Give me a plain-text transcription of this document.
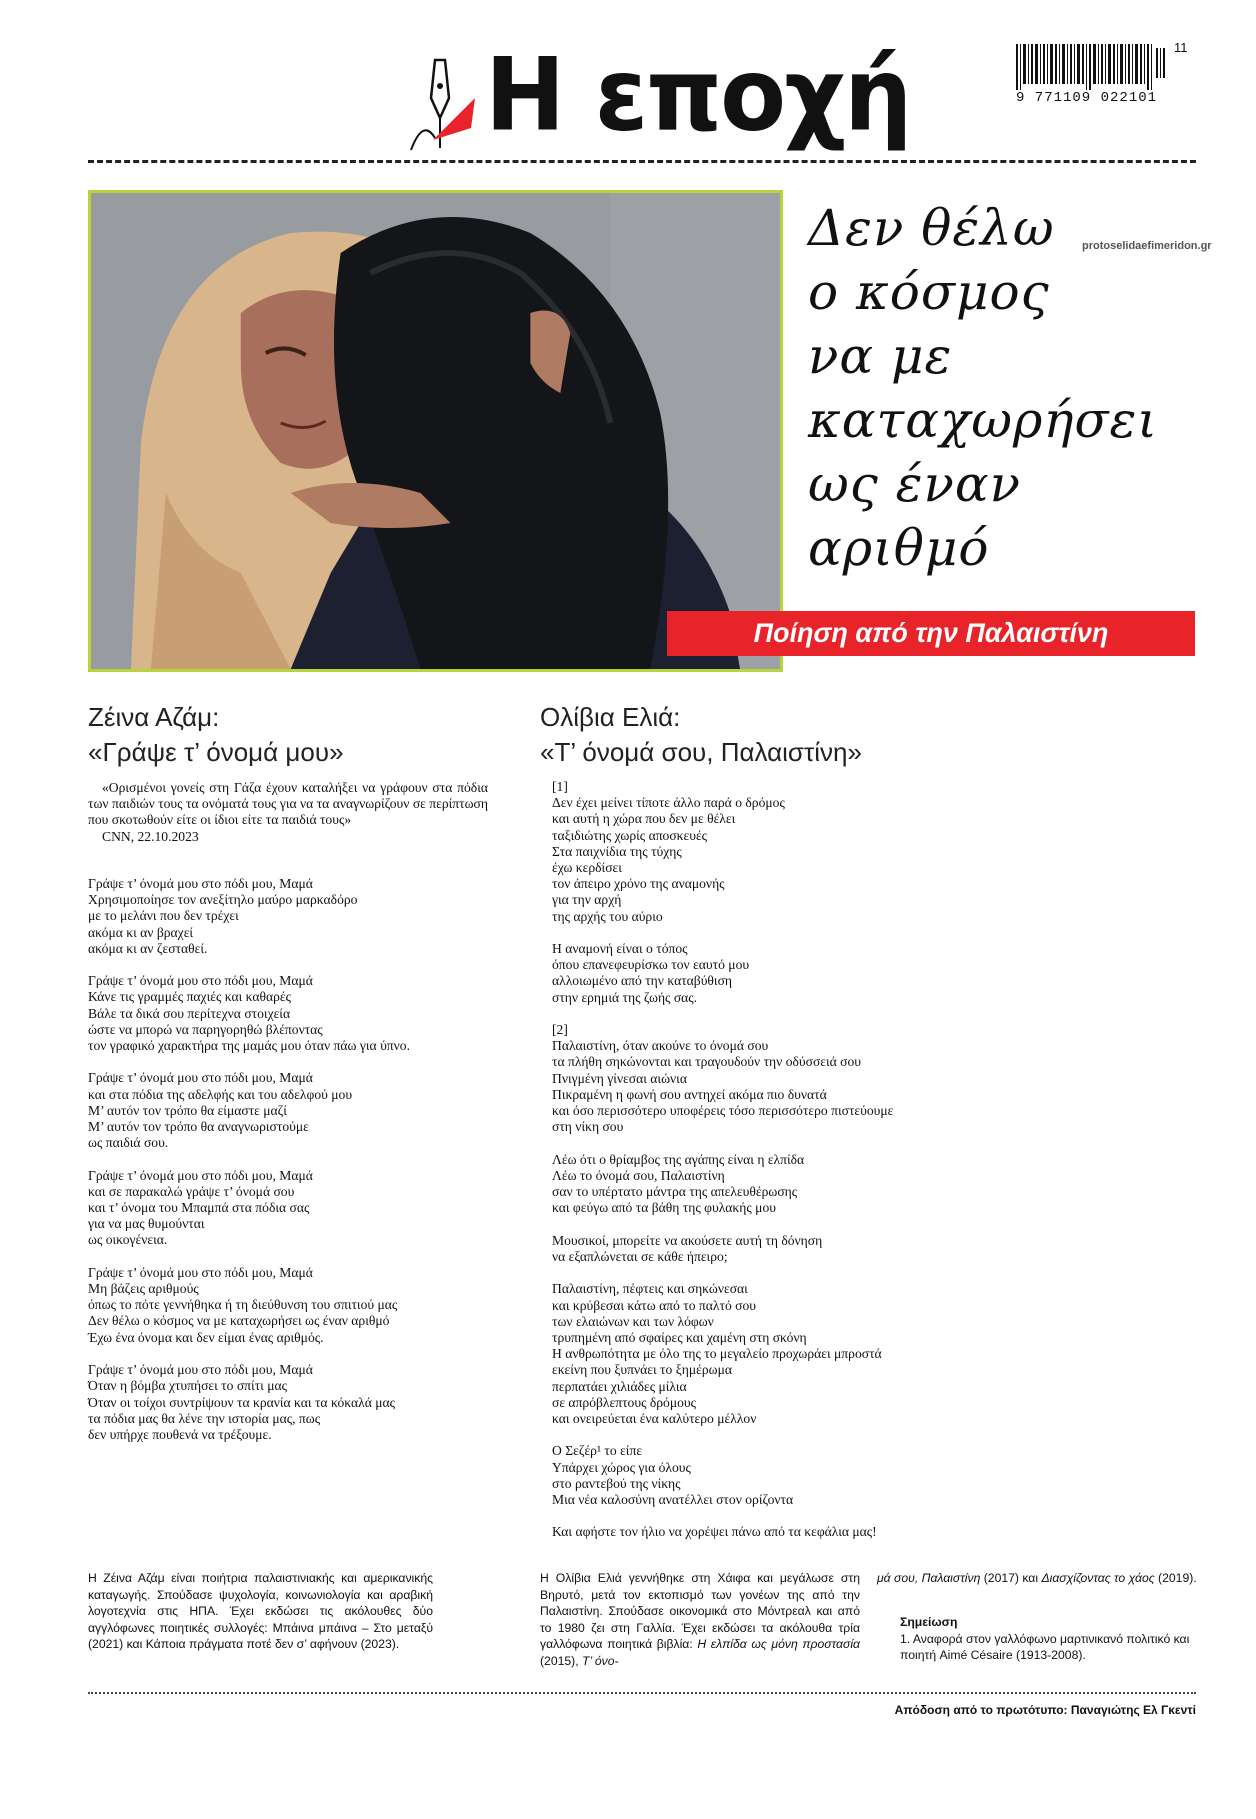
Η εποχή	11
9 771109 022101
Δεν θέλω
ο κόσμος
να με
καταχωρήσει
ως έναν
αριθμό
protoselidaefimeridon.gr
Ποίηση από την Παλαιστίνη
Ζέινα Αζάμ:
«Γράψε τ’ όνομά μου»
Ολίβια Ελιά:
«Τ’ όνομά σου, Παλαιστίνη»

«Ορισμένοι γονείς στη Γάζα έχουν καταλήξει να γράφουν στα πόδια των παιδιών τους τα ονόματά τους για να τα αναγνωρίζουν σε περίπτωση που σκοτωθούν είτε οι ίδιοι είτε τα παιδιά τους»

CNN, 22.10.2023
Γράψε τ’ όνομά μου στο πόδι μου, Μαμά
Χρησιμοποίησε τον ανεξίτηλο μαύρο μαρκαδόρο
με το μελάνι που δεν τρέχει
ακόμα κι αν βραχεί
ακόμα κι αν ζεσταθεί.

Γράψε τ’ όνομά μου στο πόδι μου, Μαμά
Κάνε τις γραμμές παχιές και καθαρές
Βάλε τα δικά σου περίτεχνα στοιχεία
ώστε να μπορώ να παρηγορηθώ βλέποντας
τον γραφικό χαρακτήρα της μαμάς μου όταν πάω για ύπνο.

Γράψε τ’ όνομά μου στο πόδι μου, Μαμά
και στα πόδια της αδελφής και του αδελφού μου
Μ’ αυτόν τον τρόπο θα είμαστε μαζί
Μ’ αυτόν τον τρόπο θα αναγνωριστούμε
ως παιδιά σου.

Γράψε τ’ όνομά μου στο πόδι μου, Μαμά
και σε παρακαλώ γράψε τ’ όνομά σου
και τ’ όνομα του Μπαμπά στα πόδια σας
για να μας θυμούνται
ως οικογένεια.

Γράψε τ’ όνομά μου στο πόδι μου, Μαμά
Μη βάζεις αριθμούς
όπως το πότε γεννήθηκα ή τη διεύθυνση του σπιτιού μας
Δεν θέλω ο κόσμος να με καταχωρήσει ως έναν αριθμό
Έχω ένα όνομα και δεν είμαι ένας αριθμός.

Γράψε τ’ όνομά μου στο πόδι μου, Μαμά
Όταν η βόμβα χτυπήσει το σπίτι μας
Όταν οι τοίχοι συντρίψουν τα κρανία και τα κόκαλά μας
τα πόδια μας θα λένε την ιστορία μας, πως
δεν υπήρχε πουθενά να τρέξουμε.
[1]
Δεν έχει μείνει τίποτε άλλο παρά ο δρόμος
και αυτή η χώρα που δεν με θέλει
ταξιδιώτης χωρίς αποσκευές
Στα παιχνίδια της τύχης
έχω κερδίσει
τον άπειρο χρόνο της αναμονής
για την αρχή
της αρχής του αύριο

Η αναμονή είναι ο τόπος
όπου επανεφευρίσκω τον εαυτό μου
αλλοιωμένο από την καταβύθιση
στην ερημιά της ζωής σας.

[2]
Παλαιστίνη, όταν ακούνε το όνομά σου
τα πλήθη σηκώνονται και τραγουδούν την οδύσσειά σου
Πνιγμένη γίνεσαι αιώνια
Πικραμένη η φωνή σου αντηχεί ακόμα πιο δυνατά
και όσο περισσότερο υποφέρεις τόσο περισσότερο πιστεύουμε
στη νίκη σου

Λέω ότι ο θρίαμβος της αγάπης είναι η ελπίδα
Λέω το όνομά σου, Παλαιστίνη
σαν το υπέρτατο μάντρα της απελευθέρωσης
και φεύγω από τα βάθη της φυλακής μου

Μουσικοί, μπορείτε να ακούσετε αυτή τη δόνηση
να εξαπλώνεται σε κάθε ήπειρο;

Παλαιστίνη, πέφτεις και σηκώνεσαι
και κρύβεσαι κάτω από το παλτό σου
των ελαιώνων και των λόφων
τρυπημένη από σφαίρες και χαμένη στη σκόνη
Η ανθρωπότητα με όλο της το μεγαλείο προχωράει μπροστά
εκείνη που ξυπνάει το ξημέρωμα
περπατάει χιλιάδες μίλια
σε απρόβλεπτους δρόμους
και ονειρεύεται ένα καλύτερο μέλλον

Ο Σεζέρ¹ το είπε
Υπάρχει χώρος για όλους
στο ραντεβού της νίκης
Μια νέα καλοσύνη ανατέλλει στον ορίζοντα

Και αφήστε τον ήλιο να χορέψει πάνω από τα κεφάλια μας!
Η Ζέινα Αζάμ είναι ποιήτρια παλαιστινιακής και αμερικανικής καταγωγής. Σπούδασε ψυχολογία, κοινωνιολογία και αραβική λογοτεχνία στις ΗΠΑ. Έχει εκδώσει τις ακόλουθες δύο αγγλόφωνες ποιητικές συλλογές: Μπάινα μπάινα – Στο μεταξύ (2021) και Κάποια πράγματα ποτέ δεν σ’ αφήνουν (2023).
Η Ολίβια Ελιά γεννήθηκε στη Χάιφα και μεγάλωσε στη Βηρυτό, μετά τον εκτοπισμό των γονέων της από την Παλαιστίνη. Σπούδασε οικονομικά στο Μόντρεαλ και από το 1980 ζει στη Γαλλία. Έχει εκδώσει τα ακόλουθα τρία γαλλόφωνα ποιητικά βιβλία: Η ελπίδα ως μόνη προστασία (2015), Τ’ όνο-
μά σου, Παλαιστίνη (2017) και Διασχίζοντας το χάος (2019).
Σημείωση
1. Αναφορά στον γαλλόφωνο μαρτινικανό πολιτικό και ποιητή Aimé Césaire (1913-2008).
Απόδοση από το πρωτότυπο: Παναγιώτης Ελ Γκεντί
